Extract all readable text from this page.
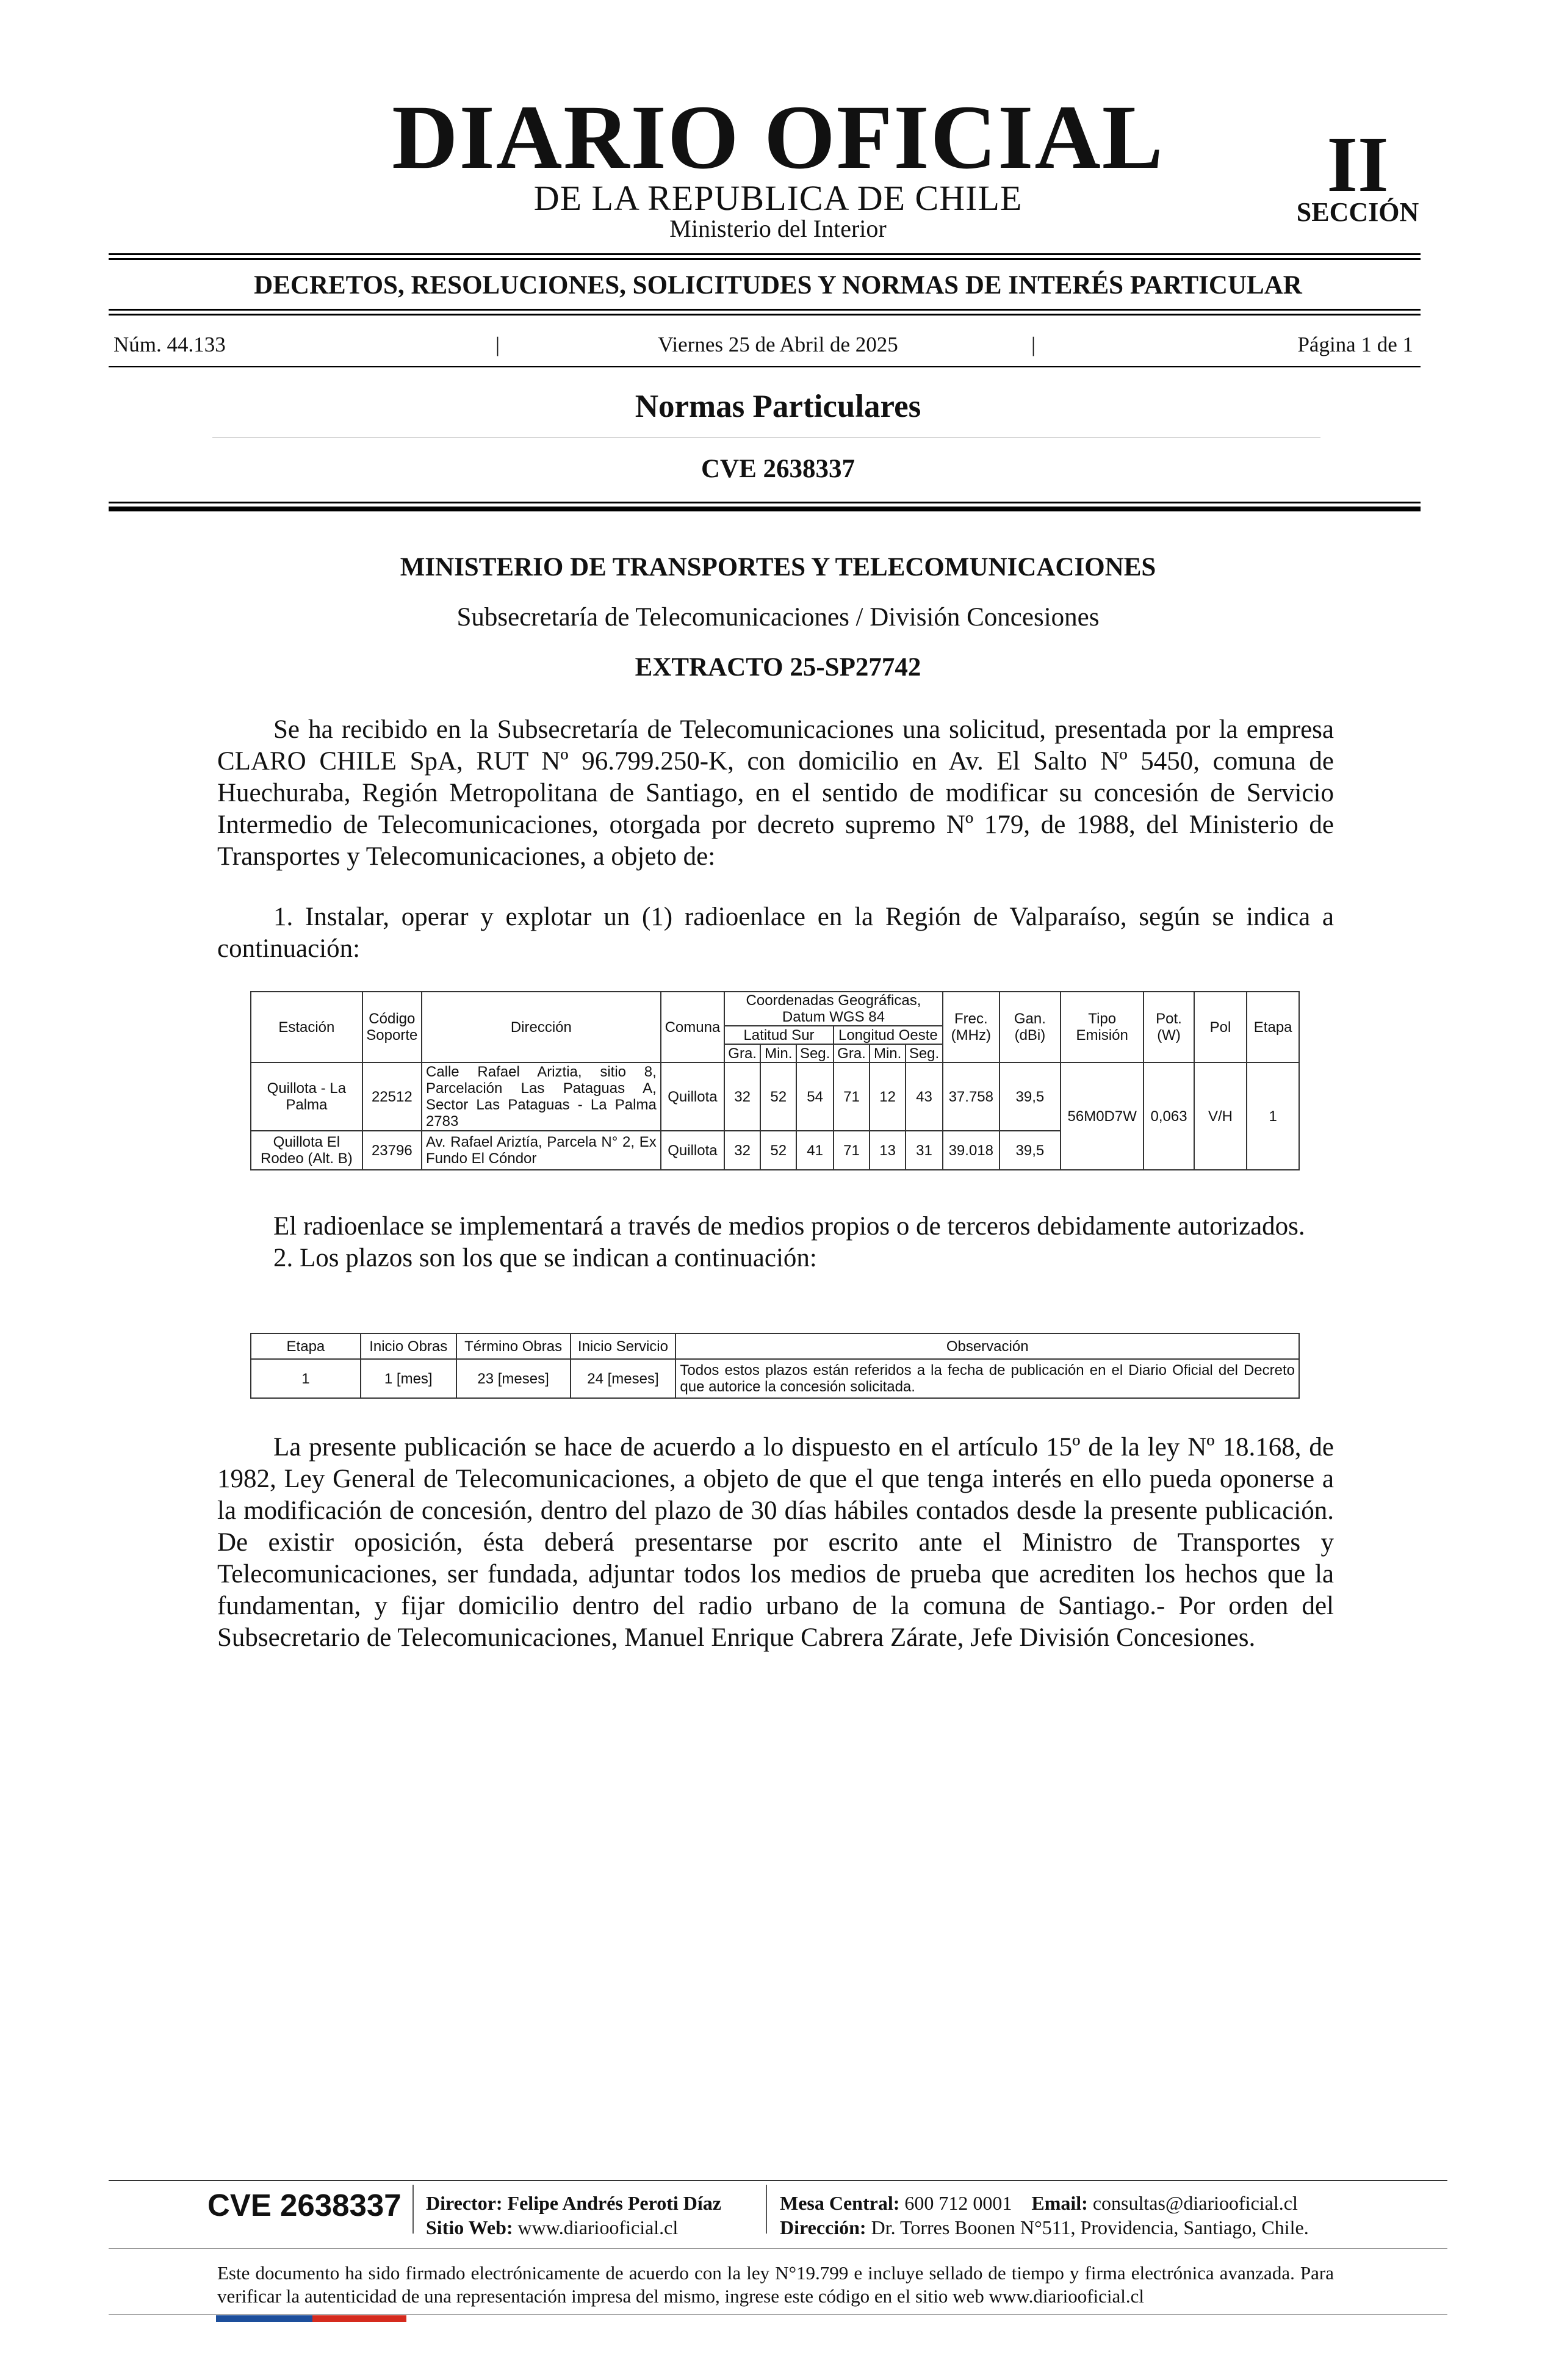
DIARIO OFICIAL
DE LA REPUBLICA DE CHILE
Ministerio del Interior
II
SECCIÓN
DECRETOS, RESOLUCIONES, SOLICITUDES Y NORMAS DE INTERÉS PARTICULAR
Núm. 44.133	|	Viernes 25 de Abril de 2025	|	Página 1 de 1
Normas Particulares
CVE 2638337
MINISTERIO DE TRANSPORTES Y TELECOMUNICACIONES
Subsecretaría de Telecomunicaciones / División Concesiones
EXTRACTO 25-SP27742

Se ha recibido en la Subsecretaría de Telecomunicaciones una solicitud, presentada por la empresa CLARO CHILE SpA, RUT Nº 96.799.250-K, con domicilio en Av. El Salto Nº 5450, comuna de Huechuraba, Región Metropolitana de Santiago, en el sentido de modificar su concesión de Servicio Intermedio de Telecomunicaciones, otorgada por decreto supremo Nº 179, de 1988, del Ministerio de Transportes y Telecomunicaciones, a objeto de:

1. Instalar, operar y explotar un (1) radioenlace en la Región de Valparaíso, según se indica a continuación:

Estación	Código Soporte	Dirección	Comuna	Coordenadas Geográficas, Datum WGS 84						Frec. (MHz)	Gan. (dBi)	Tipo Emisión	Pot. (W)	Pol	Etapa
				Latitud Sur			Longitud Oeste								
				Gra.	Min.	Seg.	Gra.	Min.	Seg.						
Quillota - La Palma	22512	Calle Rafael Ariztia, sitio 8, Parcelación Las Pataguas A, Sector Las Pataguas - La Palma 2783	Quillota	32	52	54	71	12	43	37.758	39,5	56M0D7W	0,063	V/H	1
Quillota El Rodeo (Alt. B)	23796	Av. Rafael Ariztía, Parcela N° 2, Ex Fundo El Cóndor	Quillota	32	52	41	71	13	31	39.018	39,5				

El radioenlace se implementará a través de medios propios o de terceros debidamente autorizados.

2. Los plazos son los que se indican a continuación:

Etapa	Inicio Obras	Término Obras	Inicio Servicio	Observación
1	1 [mes]	23 [meses]	24 [meses]	Todos estos plazos están referidos a la fecha de publicación en el Diario Oficial del Decreto que autorice la concesión solicitada.

La presente publicación se hace de acuerdo a lo dispuesto en el artículo 15º de la ley Nº 18.168, de 1982, Ley General de Telecomunicaciones, a objeto de que el que tenga interés en ello pueda oponerse a la modificación de concesión, dentro del plazo de 30 días hábiles contados desde la presente publicación. De existir oposición, ésta deberá presentarse por escrito ante el Ministro de Transportes y Telecomunicaciones, ser fundada, adjuntar todos los medios de prueba que acrediten los hechos que la fundamentan, y fijar domicilio dentro del radio urbano de la comuna de Santiago.- Por orden del Subsecretario de Telecomunicaciones, Manuel Enrique Cabrera Zárate, Jefe División Concesiones.

CVE 2638337 Director: Felipe Andrés Peroti Díaz
Sitio Web: www.diariooficial.cl
Mesa Central: 600 712 0001 Email: consultas@diariooficial.cl
Dirección: Dr. Torres Boonen N°511, Providencia, Santiago, Chile.
Este documento ha sido firmado electrónicamente de acuerdo con la ley N°19.799 e incluye sellado de tiempo y firma electrónica avanzada. Para verificar la autenticidad de una representación impresa del mismo, ingrese este código en el sitio web www.diariooficial.cl
